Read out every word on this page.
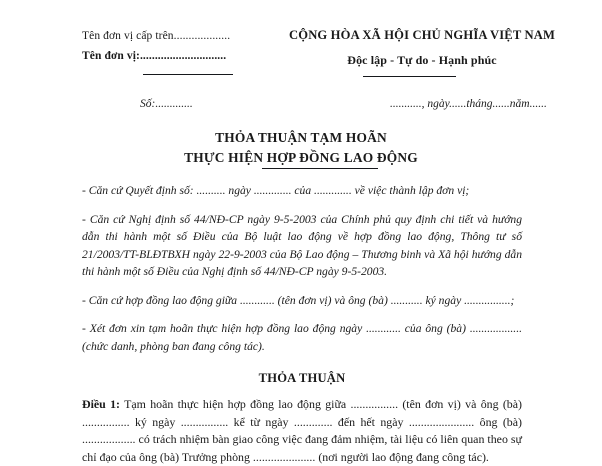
Tên đơn vị cấp trên...................
Tên đơn vị:.............................
CỘNG HÒA XÃ HỘI CHỦ NGHĨA VIỆT NAM
Độc lập - Tự do - Hạnh phúc
Số:.............	..........., ngày......tháng......năm......
THỎA THUẬN TẠM HOÃN
THỰC HIỆN HỢP ĐỒNG LAO ĐỘNG

- Căn cứ Quyết định số: .......... ngày ............. của ............. về việc thành lập đơn vị;

- Căn cứ Nghị định số 44/NĐ-CP ngày 9-5-2003 của Chính phủ quy định chi tiết và hướng dẫn thi hành một số Điều của Bộ luật lao động về hợp đồng lao động, Thông tư số 21/2003/TT-BLĐTBXH ngày 22-9-2003 của Bộ Lao động – Thương binh và Xã hội hướng dẫn thi hành một số Điều của Nghị định số 44/NĐ-CP ngày 9-5-2003.

- Căn cứ hợp đồng lao động giữa ............ (tên đơn vị) và ông (bà) ........... ký ngày ................;

- Xét đơn xin tạm hoãn thực hiện hợp đồng lao động ngày ............ của ông (bà) .................. (chức danh, phòng ban đang công tác).

THỎA THUẬN

Điều 1: Tạm hoãn thực hiện hợp đồng lao động giữa ................ (tên đơn vị) và ông (bà) ................ ký ngày ................ kể từ ngày ............. đến hết ngày ...................... ông (bà) .................. có trách nhiệm bàn giao công việc đang đảm nhiệm, tài liệu có liên quan theo sự chỉ đạo của ông (bà) Trưởng phòng ..................... (nơi người lao động đang công tác).
